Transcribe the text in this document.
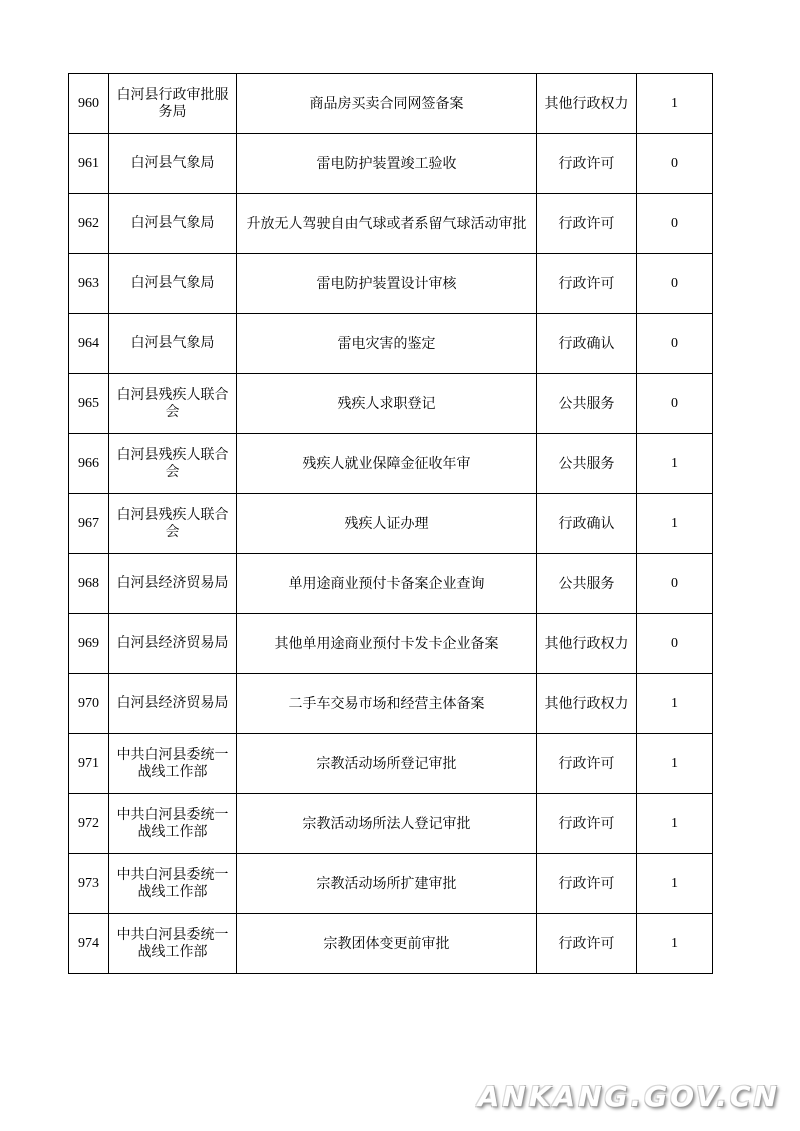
960	白河县行政审批服务局	商品房买卖合同网签备案	其他行政权力	1
961	白河县气象局	雷电防护装置竣工验收	行政许可	0
962	白河县气象局	升放无人驾驶自由气球或者系留气球活动审批	行政许可	0
963	白河县气象局	雷电防护装置设计审核	行政许可	0
964	白河县气象局	雷电灾害的鉴定	行政确认	0
965	白河县残疾人联合会	残疾人求职登记	公共服务	0
966	白河县残疾人联合会	残疾人就业保障金征收年审	公共服务	1
967	白河县残疾人联合会	残疾人证办理	行政确认	1
968	白河县经济贸易局	单用途商业预付卡备案企业查询	公共服务	0
969	白河县经济贸易局	其他单用途商业预付卡发卡企业备案	其他行政权力	0
970	白河县经济贸易局	二手车交易市场和经营主体备案	其他行政权力	1
971	中共白河县委统一战线工作部	宗教活动场所登记审批	行政许可	1
972	中共白河县委统一战线工作部	宗教活动场所法人登记审批	行政许可	1
973	中共白河县委统一战线工作部	宗教活动场所扩建审批	行政许可	1
974	中共白河县委统一战线工作部	宗教团体变更前审批	行政许可	1
ANKANG.GOV.CN
